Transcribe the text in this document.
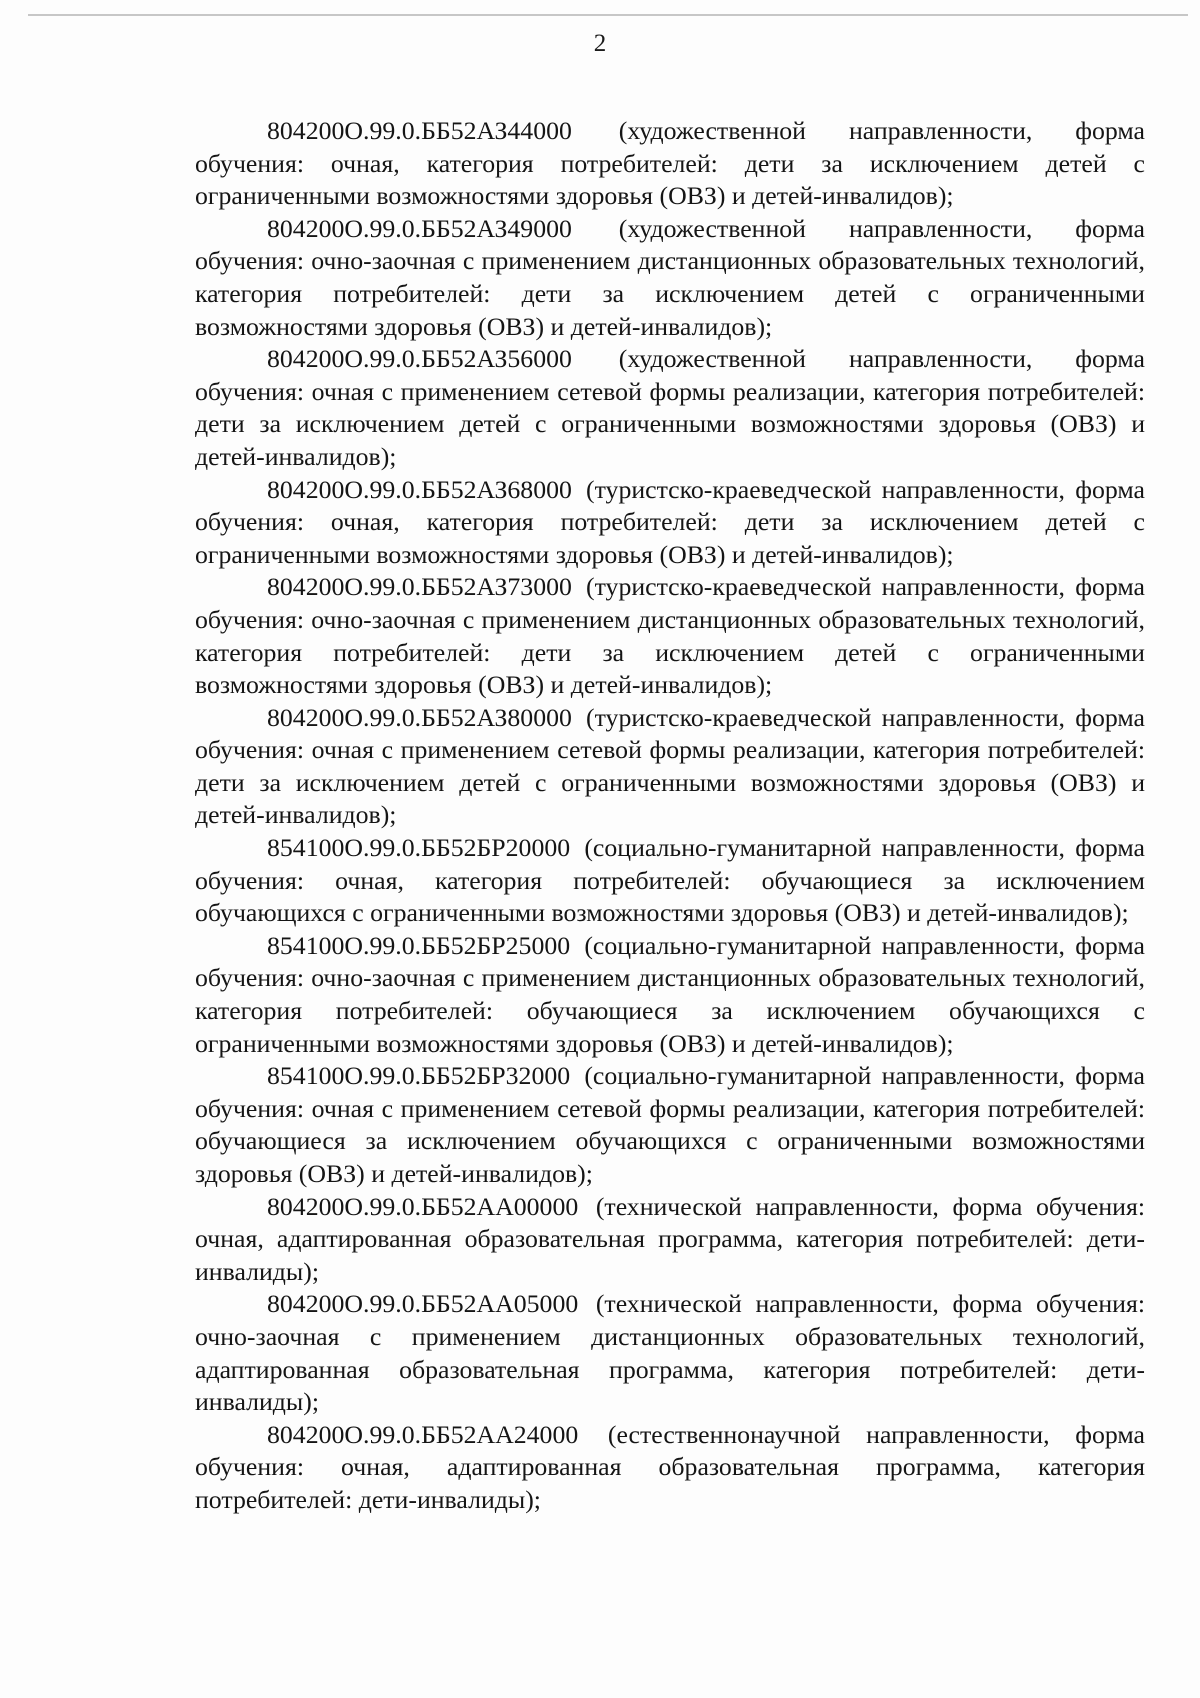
2

804200О.99.0.ББ52АЗ44000 (художественной направленности, форма обучения: очная, категория потребителей: дети за исключением детей с ограниченными возможностями здоровья (ОВЗ) и детей-инвалидов);

804200О.99.0.ББ52АЗ49000 (художественной направленности, форма обучения: очно-заочная с применением дистанционных образовательных технологий, категория потребителей: дети за исключением детей с ограниченными возможностями здоровья (ОВЗ) и детей-инвалидов);

804200О.99.0.ББ52АЗ56000 (художественной направленности, форма обучения: очная с применением сетевой формы реализации, категория потребителей: дети за исключением детей с ограниченными возможностями здоровья (ОВЗ) и детей-инвалидов);

804200О.99.0.ББ52АЗ68000 (туристско-краеведческой направленности, форма обучения: очная, категория потребителей: дети за исключением детей с ограниченными возможностями здоровья (ОВЗ) и детей-инвалидов);

804200О.99.0.ББ52АЗ73000 (туристско-краеведческой направленности, форма обучения: очно-заочная с применением дистанционных образовательных технологий, категория потребителей: дети за исключением детей с ограниченными возможностями здоровья (ОВЗ) и детей-инвалидов);

804200О.99.0.ББ52АЗ80000 (туристско-краеведческой направленности, форма обучения: очная с применением сетевой формы реализации, категория потребителей: дети за исключением детей с ограниченными возможностями здоровья (ОВЗ) и детей-инвалидов);

854100О.99.0.ББ52БР20000 (социально-гуманитарной направленности, форма обучения: очная, категория потребителей: обучающиеся за исключением обучающихся с ограниченными возможностями здоровья (ОВЗ) и детей-инвалидов);

854100О.99.0.ББ52БР25000 (социально-гуманитарной направленности, форма обучения: очно-заочная с применением дистанционных образовательных технологий, категория потребителей: обучающиеся за исключением обучающихся с ограниченными возможностями здоровья (ОВЗ) и детей-инвалидов);

854100О.99.0.ББ52БР32000 (социально-гуманитарной направленности, форма обучения: очная с применением сетевой формы реализации, категория потребителей: обучающиеся за исключением обучающихся с ограниченными возможностями здоровья (ОВЗ) и детей-инвалидов);

804200О.99.0.ББ52АА00000 (технической направленности, форма обучения: очная, адаптированная образовательная программа, категория потребителей: дети-инвалиды);

804200О.99.0.ББ52АА05000 (технической направленности, форма обучения: очно-заочная с применением дистанционных образовательных технологий, адаптированная образовательная программа, категория потребителей: дети-инвалиды);

804200О.99.0.ББ52АА24000 (естественнонаучной направленности, форма обучения: очная, адаптированная образовательная программа, категория потребителей: дети-инвалиды);
